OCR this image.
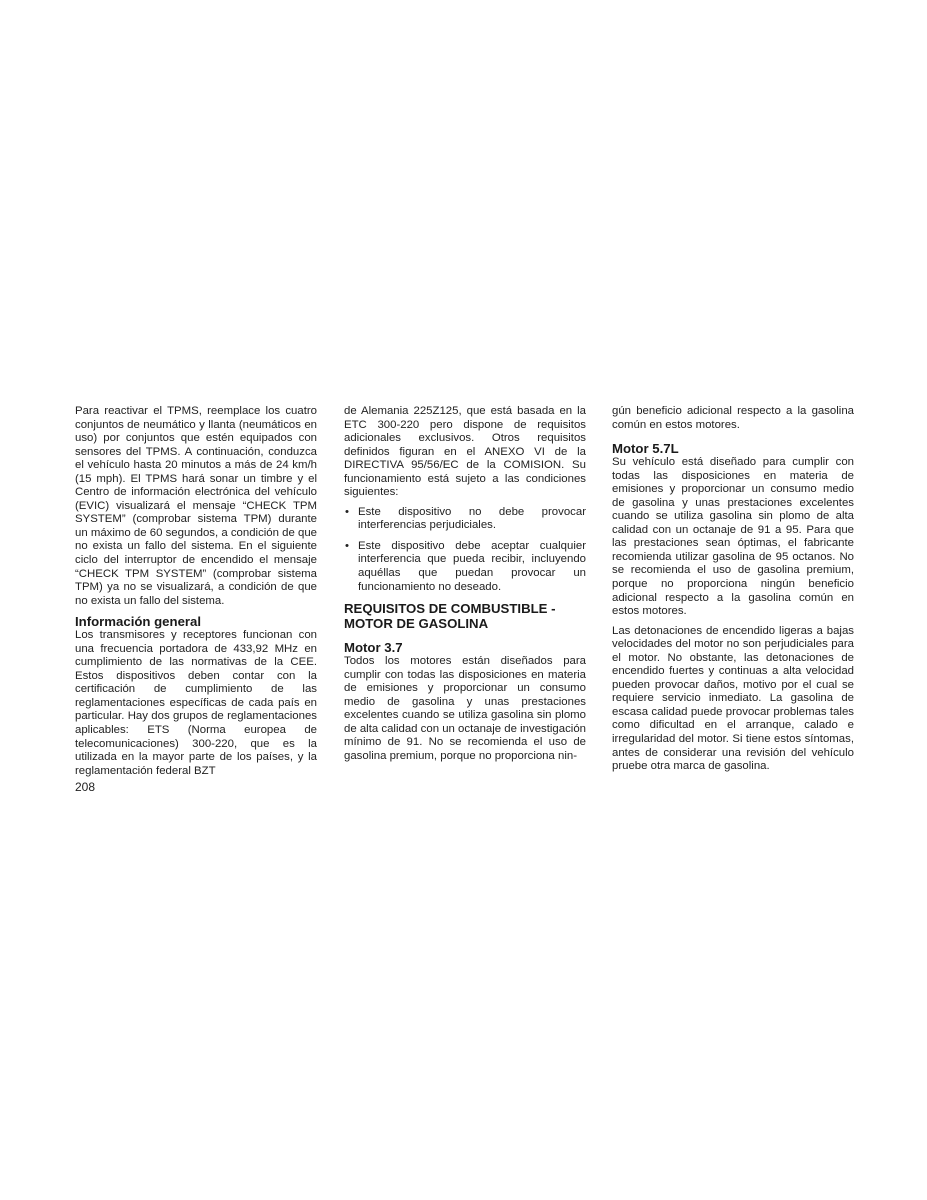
Para reactivar el TPMS, reemplace los cuatro conjuntos de neumático y llanta (neumáticos en uso) por conjuntos que estén equipados con sensores del TPMS. A continuación, conduzca el vehículo hasta 20 minutos a más de 24 km/h (15 mph). El TPMS hará sonar un timbre y el Centro de información electrónica del vehículo (EVIC) visualizará el mensaje “CHECK TPM SYSTEM” (comprobar sistema TPM) durante un máximo de 60 segundos, a condición de que no exista un fallo del sistema. En el siguiente ciclo del interruptor de encendido el mensaje “CHECK TPM SYSTEM” (comprobar sistema TPM) ya no se visualizará, a condición de que no exista un fallo del sistema.

Información general

Los transmisores y receptores funcionan con una frecuencia portadora de 433,92 MHz en cumplimiento de las normativas de la CEE. Estos dispositivos deben contar con la certificación de cumplimiento de las reglamentaciones específicas de cada país en particular. Hay dos grupos de reglamentaciones aplicables: ETS (Norma europea de telecomunicaciones) 300-220, que es la utilizada en la mayor parte de los países, y la reglamentación federal BZT

de Alemania 225Z125, que está basada en la ETC 300-220 pero dispone de requisitos adicionales exclusivos. Otros requisitos definidos figuran en el ANEXO VI de la DIRECTIVA 95/56/EC de la COMISION. Su funcionamiento está sujeto a las condiciones siguientes:

• Este dispositivo no debe provocar interferencias perjudiciales.
• Este dispositivo debe aceptar cualquier interferencia que pueda recibir, incluyendo aquéllas que puedan provocar un funcionamiento no deseado.
REQUISITOS DE COMBUSTIBLE - MOTOR DE GASOLINA
Motor 3.7

Todos los motores están diseñados para cumplir con todas las disposiciones en materia de emisiones y proporcionar un consumo medio de gasolina y unas prestaciones excelentes cuando se utiliza gasolina sin plomo de alta calidad con un octanaje de investigación mínimo de 91. No se recomienda el uso de gasolina premium, porque no proporciona nin-

gún beneficio adicional respecto a la gasolina común en estos motores.

Motor 5.7L

Su vehículo está diseñado para cumplir con todas las disposiciones en materia de emisiones y proporcionar un consumo medio de gasolina y unas prestaciones excelentes cuando se utiliza gasolina sin plomo de alta calidad con un octanaje de 91 a 95. Para que las prestaciones sean óptimas, el fabricante recomienda utilizar gasolina de 95 octanos. No se recomienda el uso de gasolina premium, porque no proporciona ningún beneficio adicional respecto a la gasolina común en estos motores.

Las detonaciones de encendido ligeras a bajas velocidades del motor no son perjudiciales para el motor. No obstante, las detonaciones de encendido fuertes y continuas a alta velocidad pueden provocar daños, motivo por el cual se requiere servicio inmediato. La gasolina de escasa calidad puede provocar problemas tales como dificultad en el arranque, calado e irregularidad del motor. Si tiene estos síntomas, antes de considerar una revisión del vehículo pruebe otra marca de gasolina.

208
